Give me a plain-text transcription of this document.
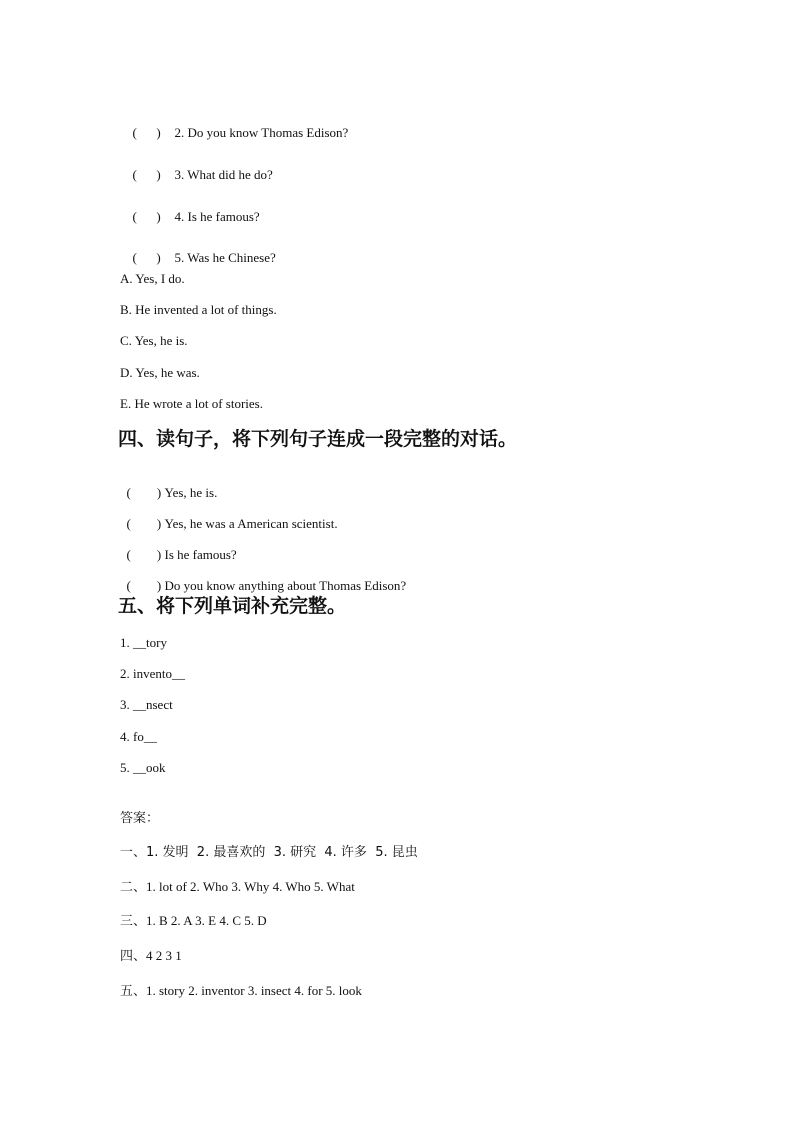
(      ) 2. Do you know Thomas Edison?

(      ) 3. What did he do?

(      ) 4. Is he famous?

(      ) 5. Was he Chinese?

A. Yes, I do.
B. He invented a lot of things.
C. Yes, he is.
D. Yes, he was.
E. He wrote a lot of stories.
四、读句子，将下列句子连成一段完整的对话。

(        ) Yes, he is.

(        ) Yes, he was a American scientist.

(        ) Is he famous?

(        ) Do you know anything about Thomas Edison?

五、将下列单词补充完整。
1. __tory
2. invento__
3. __nsect
4. fo__
5. __ook
答案：
一、1. 发明  2. 最喜欢的  3. 研究  4. 许多  5. 昆虫
二、1. lot of 2. Who 3. Why 4. Who 5. What
三、1. B 2. A 3. E 4. C 5. D
四、4 2 3 1
五、1. story 2. inventor 3. insect 4. for 5. look
